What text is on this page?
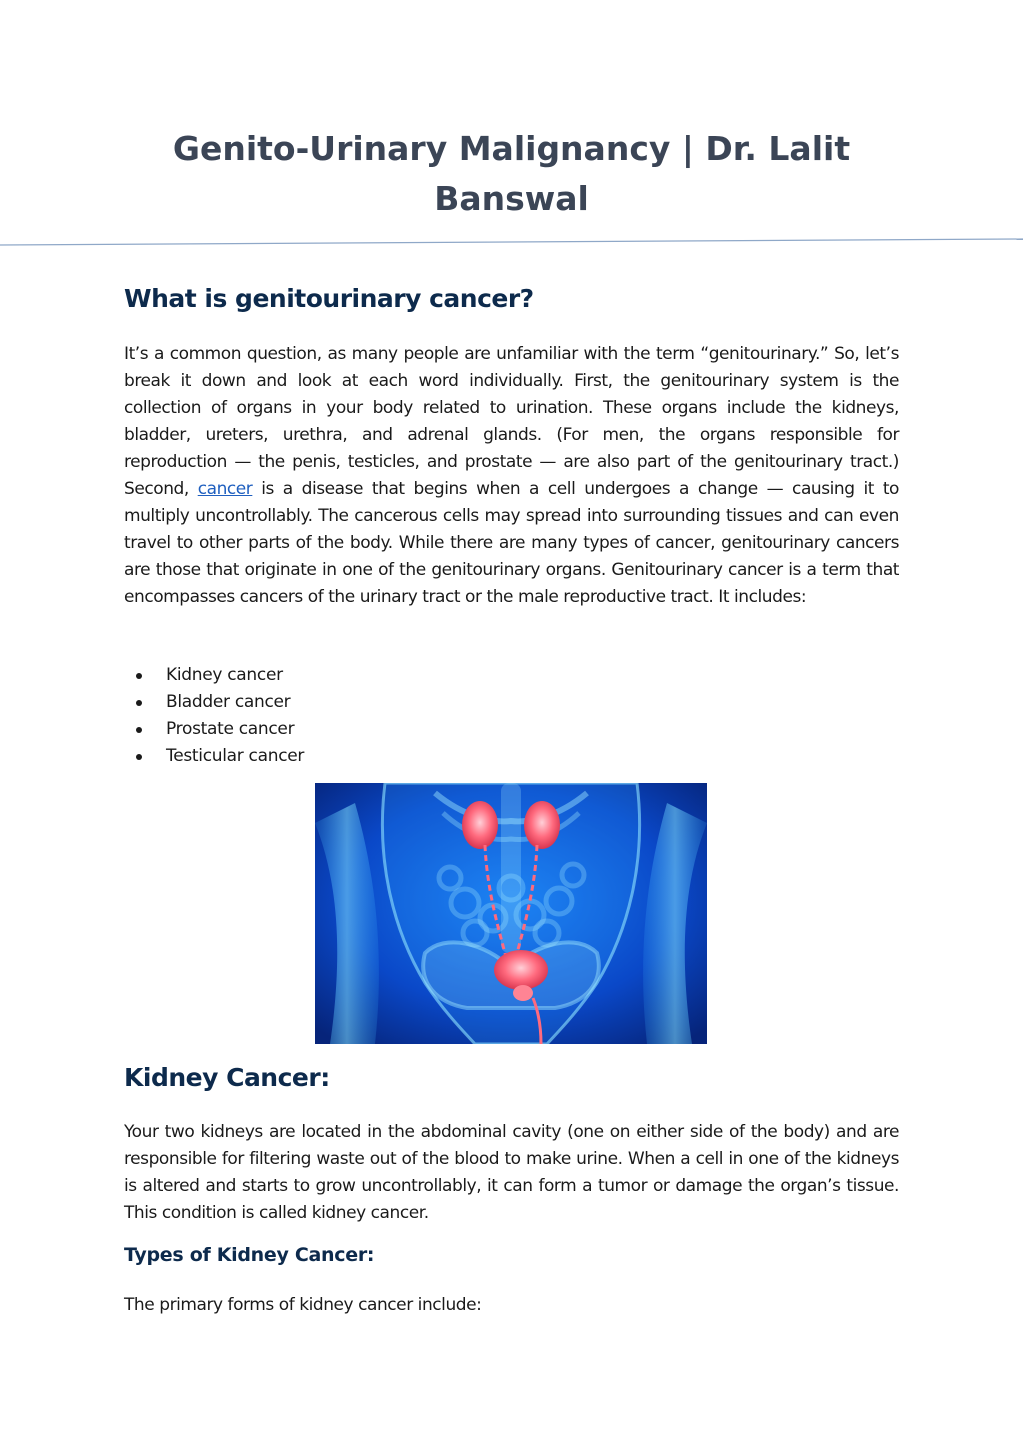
Genito-Urinary Malignancy | Dr. Lalit Banswal
What is genitourinary cancer?

It’s a common question, as many people are unfamiliar with the term “genitourinary.” So, let’s break it down and look at each word individually. First, the genitourinary system is the collection of organs in your body related to urination. These organs include the kidneys, bladder, ureters, urethra, and adrenal glands. (For men, the organs responsible for reproduction — the penis, testicles, and prostate — are also part of the genitourinary tract.) Second, cancer is a disease that begins when a cell undergoes a change — causing it to multiply uncontrollably. The cancerous cells may spread into surrounding tissues and can even travel to other parts of the body. While there are many types of cancer, genitourinary cancers are those that originate in one of the genitourinary organs. Genitourinary cancer is a term that encompasses cancers of the urinary tract or the male reproductive tract. It includes:

Kidney cancer
Bladder cancer
Prostate cancer
Testicular cancer
Kidney Cancer:

Your two kidneys are located in the abdominal cavity (one on either side of the body) and are responsible for filtering waste out of the blood to make urine. When a cell in one of the kidneys is altered and starts to grow uncontrollably, it can form a tumor or damage the organ’s tissue. This condition is called kidney cancer.

Types of Kidney Cancer:

The primary forms of kidney cancer include:
